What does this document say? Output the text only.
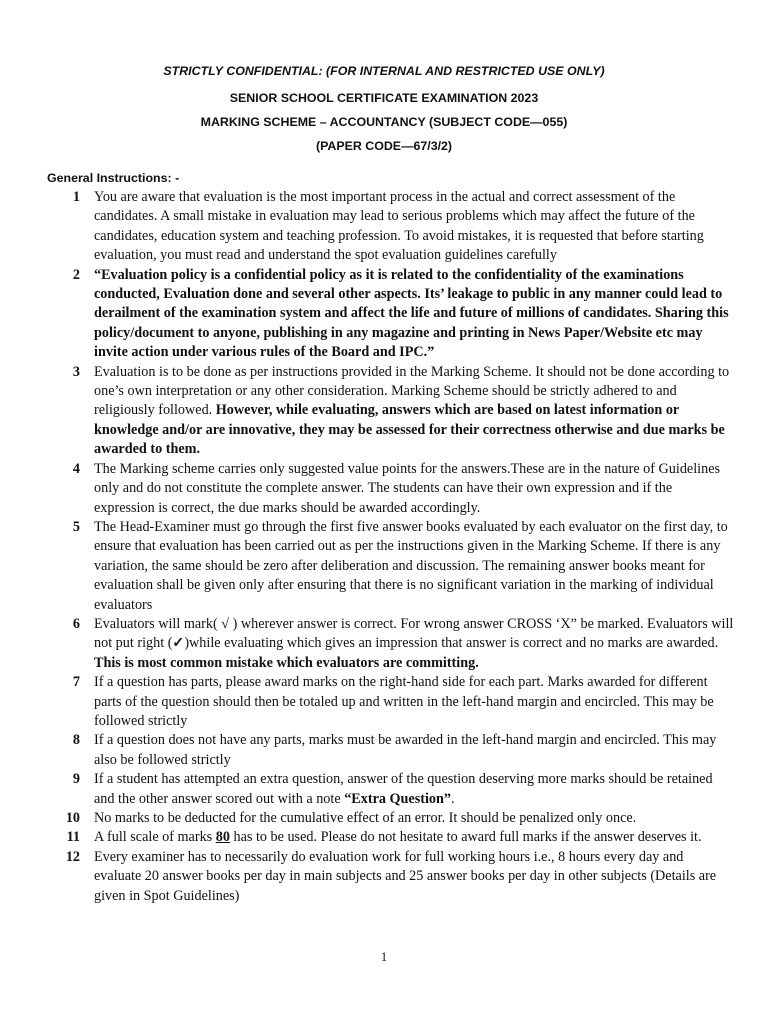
STRICTLY CONFIDENTIAL: (FOR INTERNAL AND RESTRICTED USE ONLY)
SENIOR SCHOOL CERTIFICATE EXAMINATION 2023
MARKING SCHEME – ACCOUNTANCY (SUBJECT CODE—055)
(PAPER CODE—67/3/2)
General Instructions: -
1 You are aware that evaluation is the most important process in the actual and correct assessment of the candidates. A small mistake in evaluation may lead to serious problems which may affect the future of the candidates, education system and teaching profession. To avoid mistakes, it is requested that before starting evaluation, you must read and understand the spot evaluation guidelines carefully
2 “Evaluation policy is a confidential policy as it is related to the confidentiality of the examinations conducted, Evaluation done and several other aspects. Its’ leakage to public in any manner could lead to derailment of the examination system and affect the life and future of millions of candidates. Sharing this policy/document to anyone, publishing in any magazine and printing in News Paper/Website etc may invite action under various rules of the Board and IPC.”
3 Evaluation is to be done as per instructions provided in the Marking Scheme. It should not be done according to one’s own interpretation or any other consideration. Marking Scheme should be strictly adhered to and religiously followed. However, while evaluating, answers which are based on latest information or knowledge and/or are innovative, they may be assessed for their correctness otherwise and due marks be awarded to them.
4 The Marking scheme carries only suggested value points for the answers.These are in the nature of Guidelines only and do not constitute the complete answer. The students can have their own expression and if the expression is correct, the due marks should be awarded accordingly.
5 The Head-Examiner must go through the first five answer books evaluated by each evaluator on the first day, to ensure that evaluation has been carried out as per the instructions given in the Marking Scheme. If there is any variation, the same should be zero after deliberation and discussion. The remaining answer books meant for evaluation shall be given only after ensuring that there is no significant variation in the marking of individual evaluators
6 Evaluators will mark( √ ) wherever answer is correct. For wrong answer CROSS ‘X” be marked. Evaluators will not put right (✓)while evaluating which gives an impression that answer is correct and no marks are awarded. This is most common mistake which evaluators are committing.
7 If a question has parts, please award marks on the right-hand side for each part. Marks awarded for different parts of the question should then be totaled up and written in the left-hand margin and encircled. This may be followed strictly
8 If a question does not have any parts, marks must be awarded in the left-hand margin and encircled. This may also be followed strictly
9 If a student has attempted an extra question, answer of the question deserving more marks should be retained and the other answer scored out with a note “Extra Question”.
10 No marks to be deducted for the cumulative effect of an error. It should be penalized only once.
11 A full scale of marks 80 has to be used. Please do not hesitate to award full marks if the answer deserves it.
12 Every examiner has to necessarily do evaluation work for full working hours i.e., 8 hours every day and evaluate 20 answer books per day in main subjects and 25 answer books per day in other subjects (Details are given in Spot Guidelines)
1
